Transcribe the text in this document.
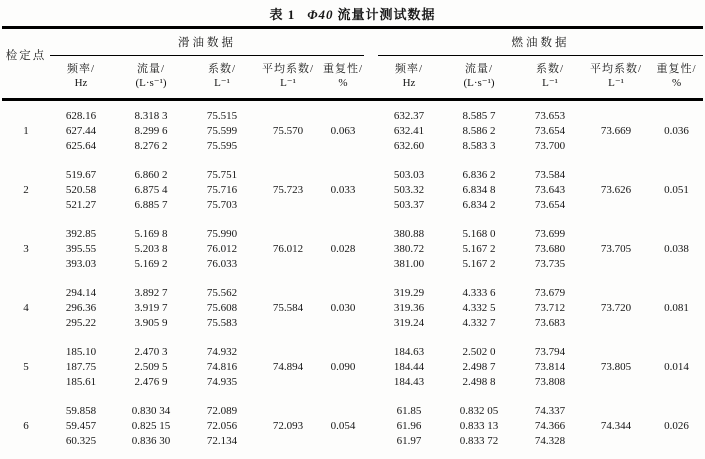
表 1 Φ40 流量计测试数据
检定点	滑油数据						燃油数据				
	频率/	流量/	系数/	平均系数/	重复性/		频率/	流量/	系数/	平均系数/	重复性/
	Hz	(L·s⁻¹)	L⁻¹	L⁻¹	%		Hz	(L·s⁻¹)	L⁻¹	L⁻¹	%
	628.16	8.318 3	75.515				632.37	8.585 7	73.653		
1	627.44	8.299 6	75.599	75.570	0.063		632.41	8.586 2	73.654	73.669	0.036
	625.64	8.276 2	75.595				632.60	8.583 3	73.700		
	519.67	6.860 2	75.751				503.03	6.836 2	73.584		
2	520.58	6.875 4	75.716	75.723	0.033		503.32	6.834 8	73.643	73.626	0.051
	521.27	6.885 7	75.703				503.37	6.834 2	73.654		
	392.85	5.169 8	75.990				380.88	5.168 0	73.699		
3	395.55	5.203 8	76.012	76.012	0.028		380.72	5.167 2	73.680	73.705	0.038
	393.03	5.169 2	76.033				381.00	5.167 2	73.735		
	294.14	3.892 7	75.562				319.29	4.333 6	73.679		
4	296.36	3.919 7	75.608	75.584	0.030		319.36	4.332 5	73.712	73.720	0.081
	295.22	3.905 9	75.583				319.24	4.332 7	73.683		
	185.10	2.470 3	74.932				184.63	2.502 0	73.794		
5	187.75	2.509 5	74.816	74.894	0.090		184.44	2.498 7	73.814	73.805	0.014
	185.61	2.476 9	74.935				184.43	2.498 8	73.808		
	59.858	0.830 34	72.089				61.85	0.832 05	74.337		
6	59.457	0.825 15	72.056	72.093	0.054		61.96	0.833 13	74.366	74.344	0.026
	60.325	0.836 30	72.134				61.97	0.833 72	74.328		
